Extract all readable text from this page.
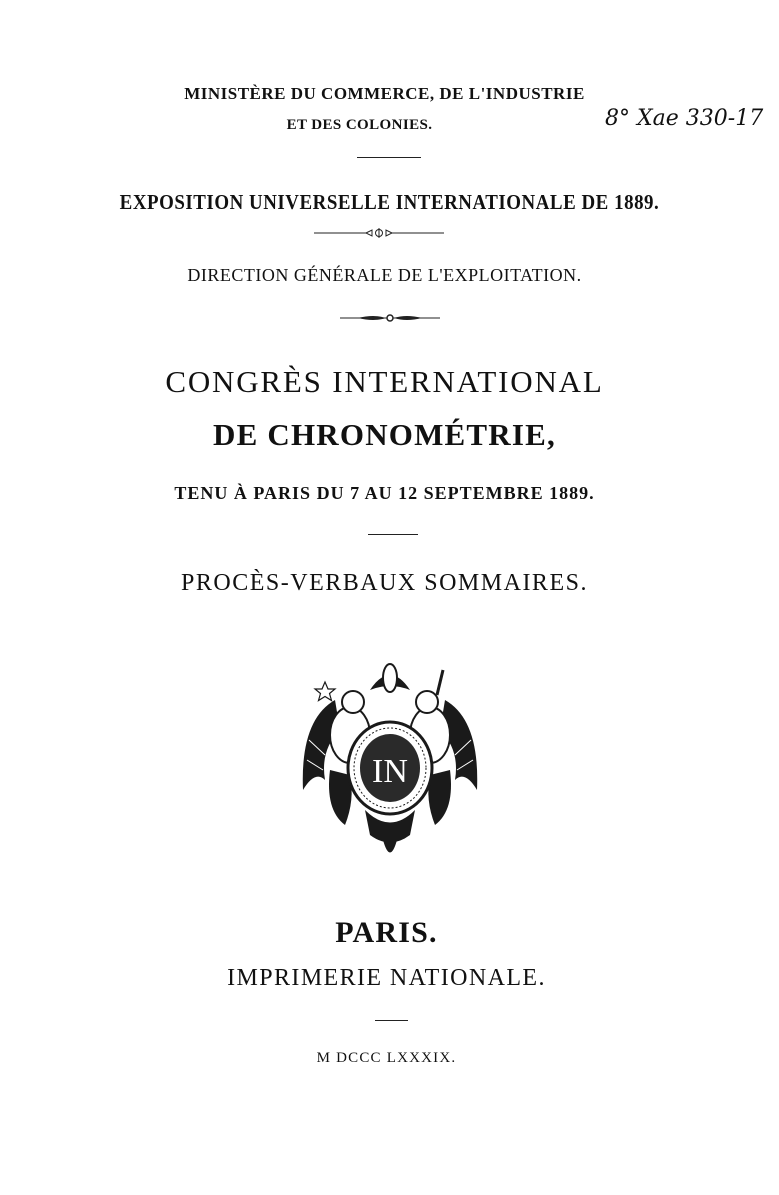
MINISTÈRE DU COMMERCE, DE L'INDUSTRIE
ET DES COLONIES.	8° Xae 330-17
EXPOSITION UNIVERSELLE INTERNATIONALE DE 1889.
DIRECTION GÉNÉRALE DE L'EXPLOITATION.
CONGRÈS INTERNATIONAL
DE CHRONOMÉTRIE,
TENU À PARIS DU 7 AU 12 SEPTEMBRE 1889.
PROCÈS-VERBAUX SOMMAIRES.
IN
PARIS.
IMPRIMERIE NATIONALE.
M DCCC LXXXIX.
